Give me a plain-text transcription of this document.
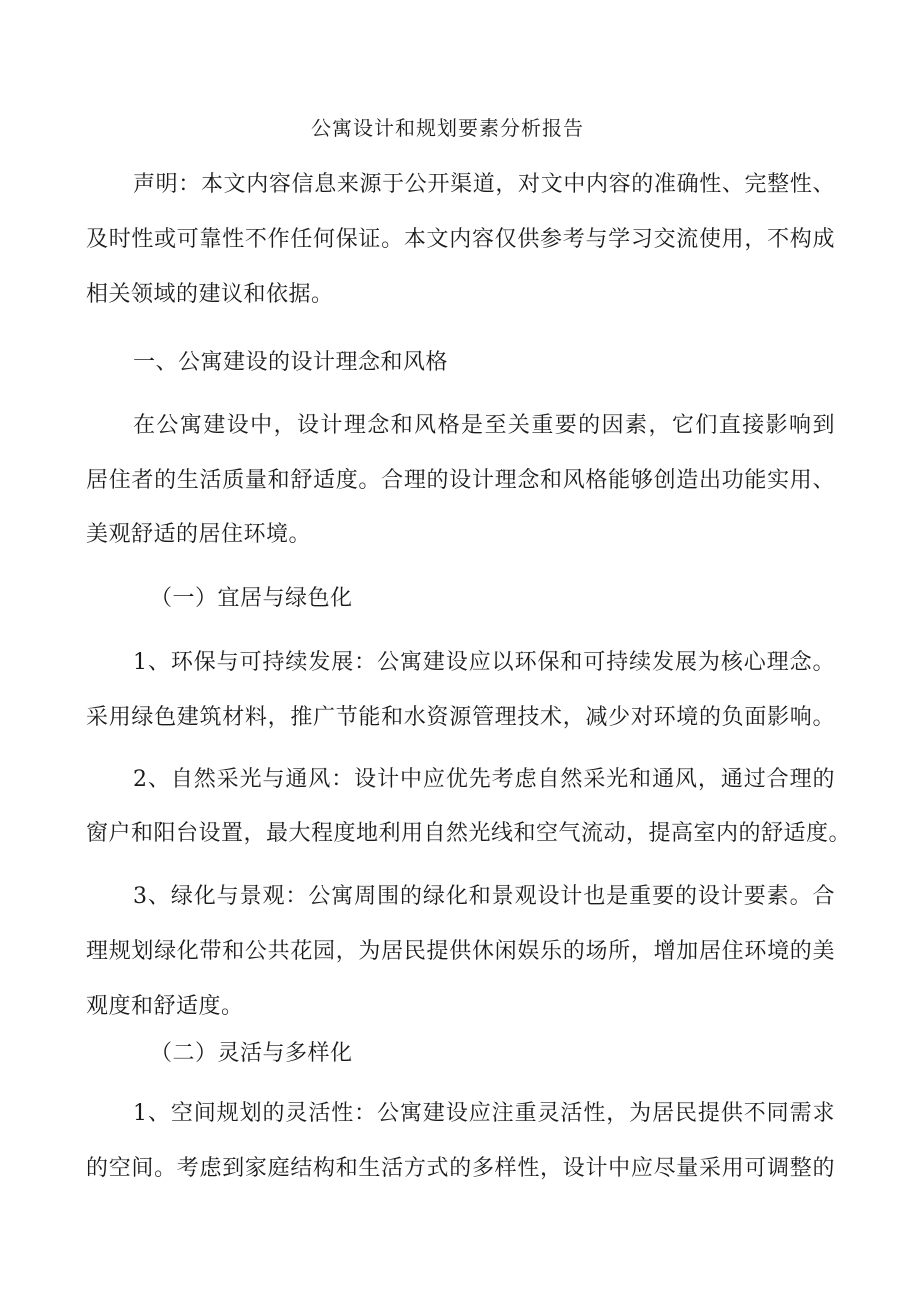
公寓设计和规划要素分析报告
声明：本文内容信息来源于公开渠道，对文中内容的准确性、完整性、
及时性或可靠性不作任何保证。本文内容仅供参考与学习交流使用，不构成
相关领域的建议和依据。
一、公寓建设的设计理念和风格
在公寓建设中，设计理念和风格是至关重要的因素，它们直接影响到
居住者的生活质量和舒适度。合理的设计理念和风格能够创造出功能实用、
美观舒适的居住环境。
（一）宜居与绿色化
1、环保与可持续发展：公寓建设应以环保和可持续发展为核心理念。
采用绿色建筑材料，推广节能和水资源管理技术，减少对环境的负面影响。
2、自然采光与通风：设计中应优先考虑自然采光和通风，通过合理的
窗户和阳台设置，最大程度地利用自然光线和空气流动，提高室内的舒适度。
3、绿化与景观：公寓周围的绿化和景观设计也是重要的设计要素。合
理规划绿化带和公共花园，为居民提供休闲娱乐的场所，增加居住环境的美
观度和舒适度。
（二）灵活与多样化
1、空间规划的灵活性：公寓建设应注重灵活性，为居民提供不同需求
的空间。考虑到家庭结构和生活方式的多样性，设计中应尽量采用可调整的
